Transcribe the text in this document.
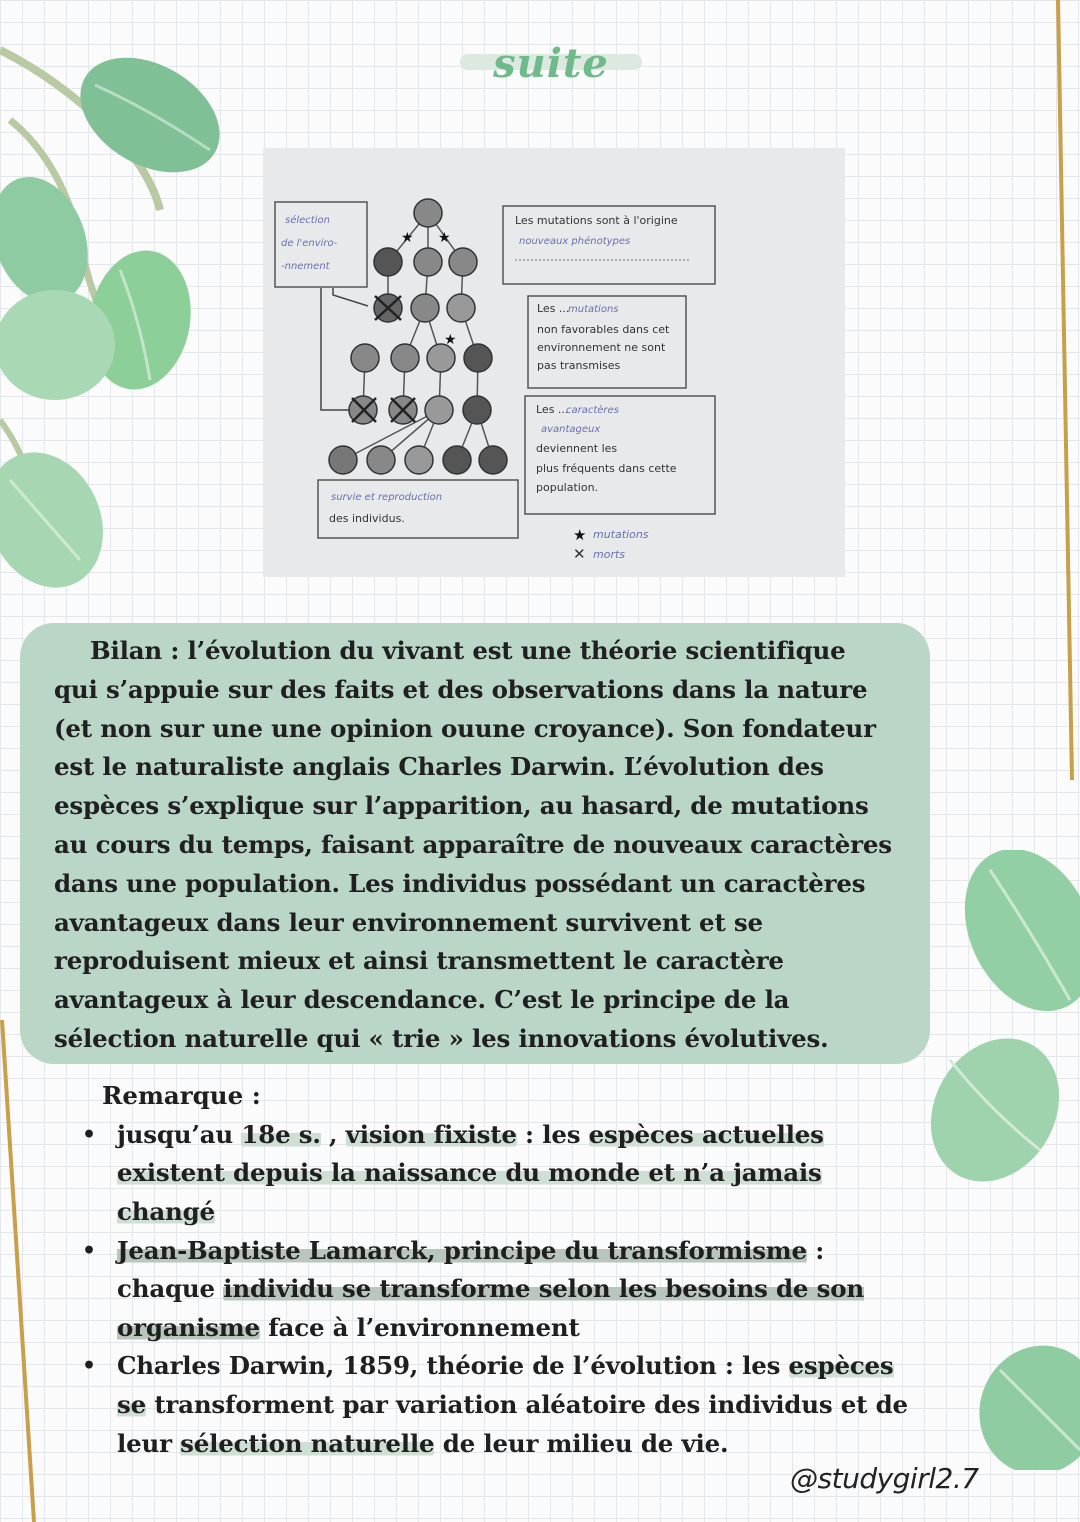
suite
sélection
de l'enviro-
-nnement
★ ★
★
Les mutations sont à l'origine
nouveaux phénotypes
Les ...
mutations
non favorables dans cet
environnement ne sont
pas transmises
Les ...
caractères
avantageux
deviennent les
plus fréquents dans cette
population.
survie et reproduction
des individus.
★ mutations
✕ morts

Bilan : l’évolution du vivant est une théorie scientifique qui s’appuie sur des faits et des observations dans la nature (et non sur une une opinion ouune croyance). Son fondateur est le naturaliste anglais Charles Darwin. L’évolution des espèces s’explique sur l’apparition, au hasard, de mutations au cours du temps, faisant apparaître de nouveaux caractères dans une population. Les individus possédant un caractères avantageux dans leur environnement survivent et se reproduisent mieux et ainsi transmettent le caractère avantageux à leur descendance. C’est le principe de la sélection naturelle qui « trie » les innovations évolutives.

Remarque :
• jusqu’au 18e s. , vision fixiste : les espèces actuelles existent depuis la naissance du monde et n’a jamais changé
• Jean-Baptiste Lamarck, principe du transformisme : chaque individu se transforme selon les besoins de son organisme face à l’environnement
• Charles Darwin, 1859, théorie de l’évolution : les espèces se transforment par variation aléatoire des individus et de leur sélection naturelle de leur milieu de vie.
@studygirl2.7
